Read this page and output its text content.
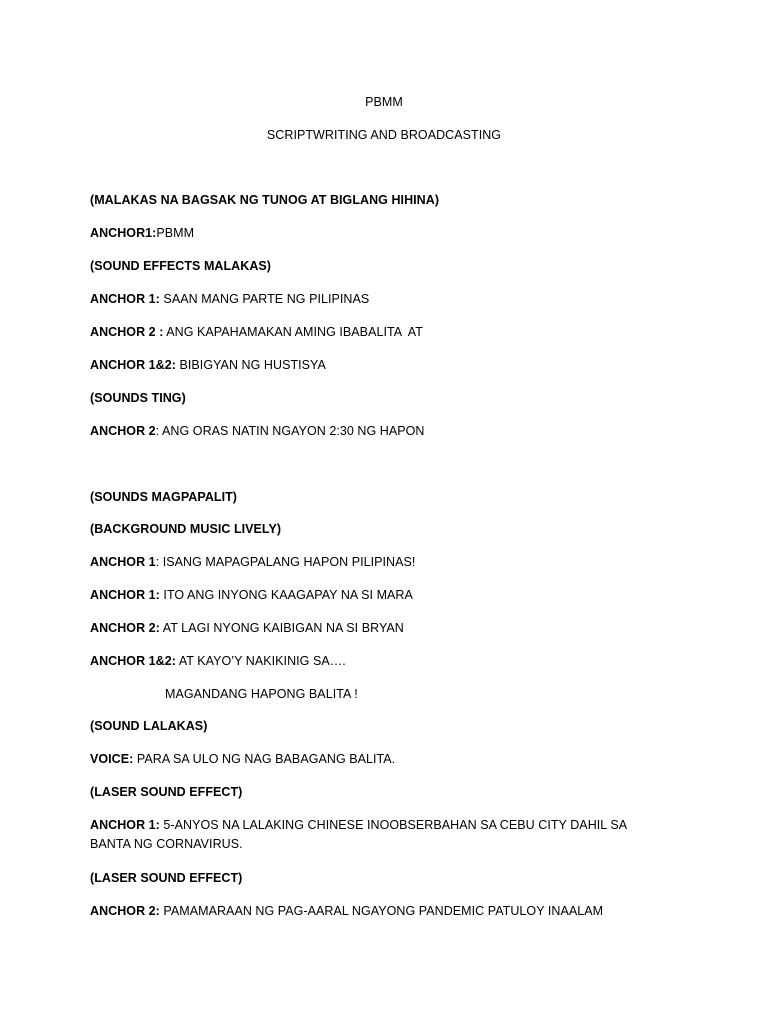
PBMM
SCRIPTWRITING AND BROADCASTING
(MALAKAS NA BAGSAK NG TUNOG AT BIGLANG HIHINA)
ANCHOR1:PBMM
(SOUND EFFECTS MALAKAS)
ANCHOR 1: SAAN MANG PARTE NG PILIPINAS
ANCHOR 2 : ANG KAPAHAMAKAN AMING IBABALITA  AT
ANCHOR 1&2: BIBIGYAN NG HUSTISYA
(SOUNDS TING)
ANCHOR 2: ANG ORAS NATIN NGAYON 2:30 NG HAPON
(SOUNDS MAGPAPALIT)
(BACKGROUND MUSIC LIVELY)
ANCHOR 1: ISANG MAPAGPALANG HAPON PILIPINAS!
ANCHOR 1: ITO ANG INYONG KAAGAPAY NA SI MARA
ANCHOR 2: AT LAGI NYONG KAIBIGAN NA SI BRYAN
ANCHOR 1&2: AT KAYO’Y NAKIKINIG SA….
MAGANDANG HAPONG BALITA !
(SOUND LALAKAS)
VOICE: PARA SA ULO NG NAG BABAGANG BALITA.
(LASER SOUND EFFECT)
ANCHOR 1: 5-ANYOS NA LALAKING CHINESE INOOBSERBAHAN SA CEBU CITY DAHIL SA BANTA NG CORNAVIRUS.
(LASER SOUND EFFECT)
ANCHOR 2: PAMAMARAAN NG PAG-AARAL NGAYONG PANDEMIC PATULOY INAALAM
